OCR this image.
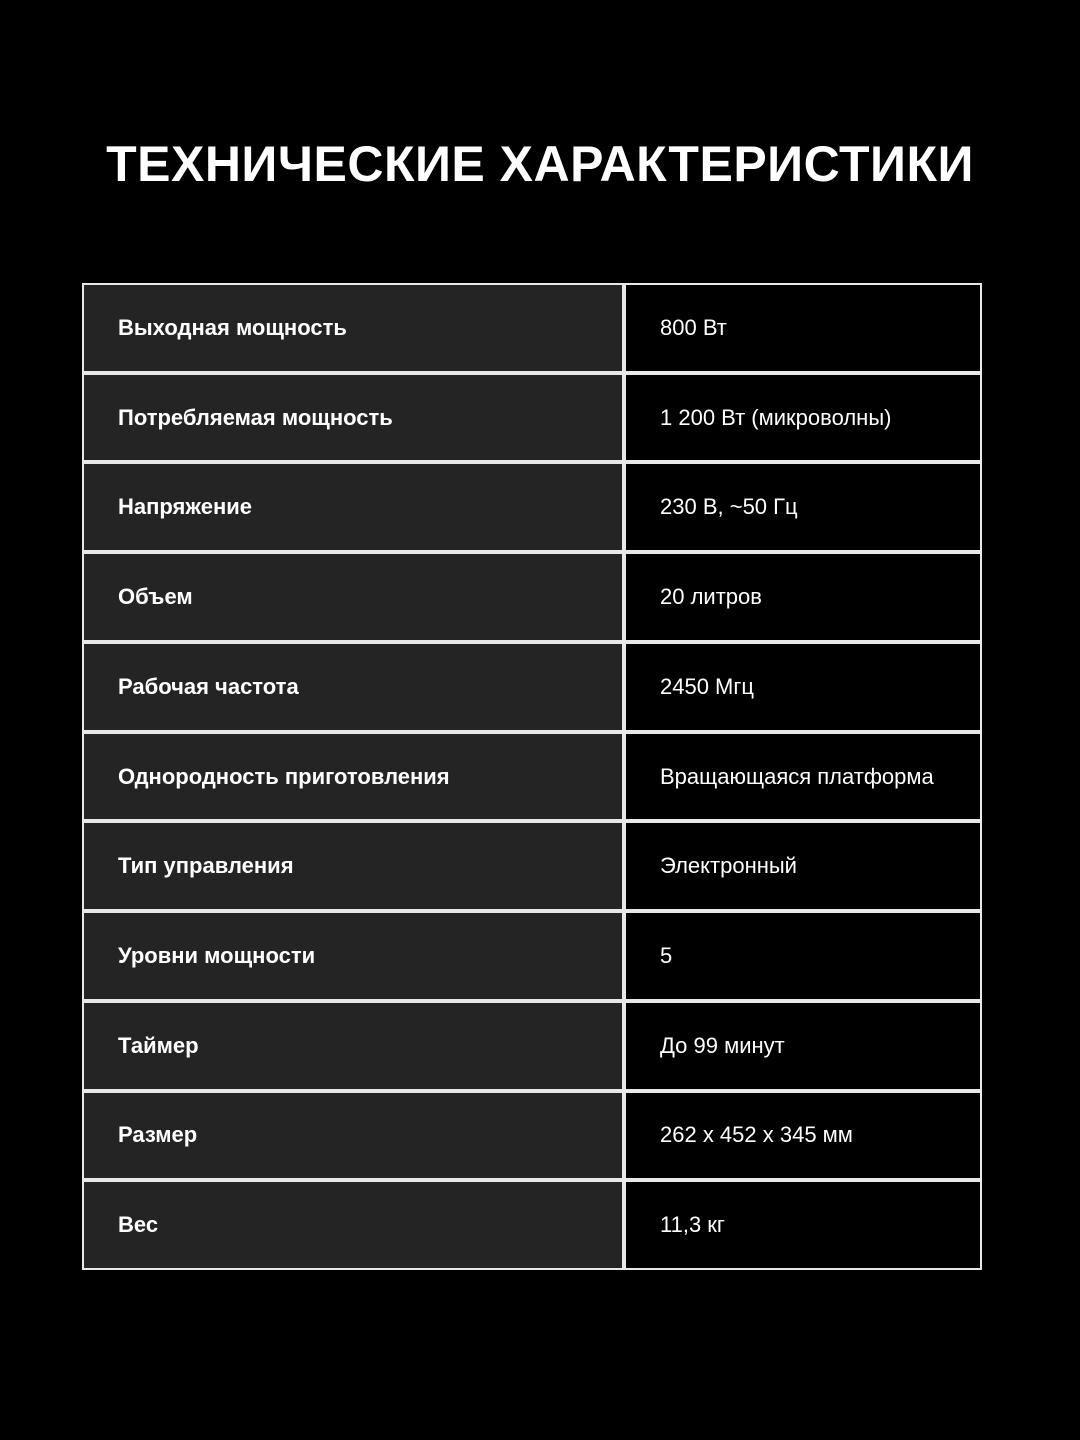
ТЕХНИЧЕСКИЕ ХАРАКТЕРИСТИКИ
Выходная мощность	800 Вт
Потребляемая мощность	1 200 Вт (микроволны)
Напряжение	230 В, ~50 Гц
Объем	20 литров
Рабочая частота	2450 Мгц
Однородность приготовления	Вращающаяся платформа
Тип управления	Электронный
Уровни мощности	5
Таймер	До 99 минут
Размер	262 x 452 x 345 мм
Вес	11,3 кг
